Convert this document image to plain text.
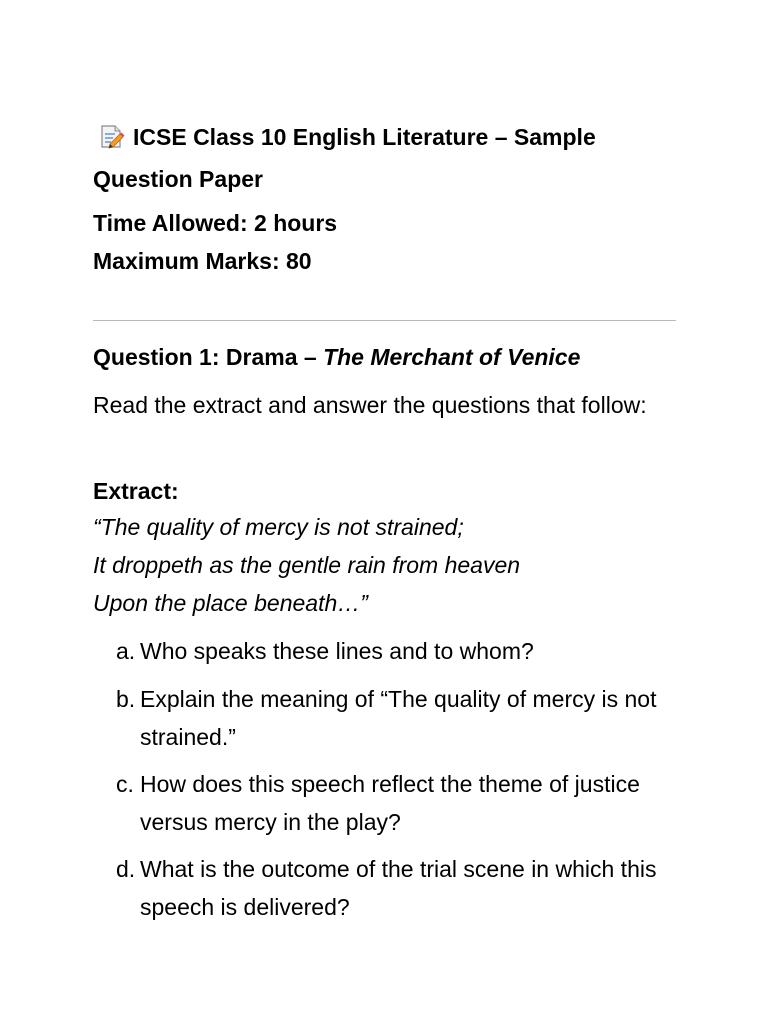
ICSE Class 10 English Literature – Sample Question Paper
Time Allowed: 2 hours
Maximum Marks: 80
Question 1: Drama – The Merchant of Venice
Read the extract and answer the questions that follow:
Extract:
“The quality of mercy is not strained;
It droppeth as the gentle rain from heaven
Upon the place beneath…”
a. Who speaks these lines and to whom?
b. Explain the meaning of “The quality of mercy is not strained.”
c. How does this speech reflect the theme of justice versus mercy in the play?
d. What is the outcome of the trial scene in which this speech is delivered?
